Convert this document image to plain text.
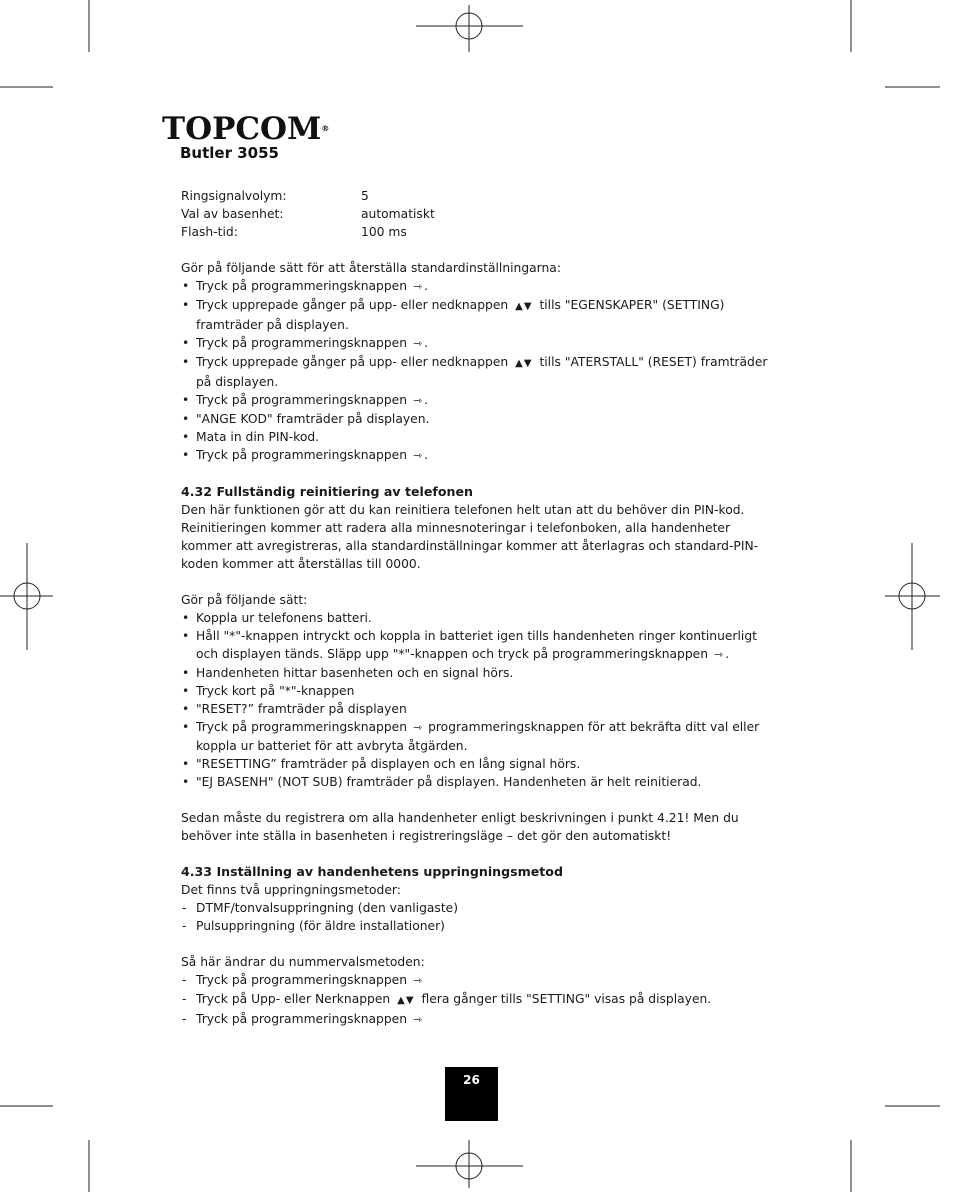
TOPCOM®
Butler 3055
Ringsignalvolym:	5
Val av basenhet:	automatiskt
Flash-tid:	100 ms

Gör på följande sätt för att återställa standardinställningarna:

• Tryck på programmeringsknappen ⇾ .
• Tryck upprepade gånger på upp- eller nedknappen ▲▼ tills "EGENSKAPER" (SETTING) framträder på displayen.
• Tryck på programmeringsknappen ⇾ .
• Tryck upprepade gånger på upp- eller nedknappen ▲▼ tills "ATERSTALL" (RESET) framträder på displayen.
• Tryck på programmeringsknappen ⇾ .
• "ANGE KOD" framträder på displayen.
• Mata in din PIN-kod.
• Tryck på programmeringsknappen ⇾ .
4.32 Fullständig reinitiering av telefonen

Den här funktionen gör att du kan reinitiera telefonen helt utan att du behöver din PIN-kod. Reinitieringen kommer att radera alla minnesnoteringar i telefonboken, alla handenheter kommer att avregistreras, alla standardinställningar kommer att återlagras och standard-PIN-koden kommer att återställas till 0000.

Gör på följande sätt:

• Koppla ur telefonens batteri.
• Håll "*"-knappen intryckt och koppla in batteriet igen tills handenheten ringer kontinuerligt och displayen tänds. Släpp upp "*"-knappen och tryck på programmeringsknappen ⇾ .
• Handenheten hittar basenheten och en signal hörs.
• Tryck kort på "*"-knappen
• "RESET?” framträder på displayen
• Tryck på programmeringsknappen ⇾ programmeringsknappen för att bekräfta ditt val eller koppla ur batteriet för att avbryta åtgärden.
• "RESETTING” framträder på displayen och en lång signal hörs.
• "EJ BASENH" (NOT SUB) framträder på displayen. Handenheten är helt reinitierad.

Sedan måste du registrera om alla handenheter enligt beskrivningen i punkt 4.21! Men du behöver inte ställa in basenheten i registreringsläge – det gör den automatiskt!

4.33 Inställning av handenhetens uppringningsmetod

Det finns två uppringningsmetoder:

- DTMF/tonvalsuppringning (den vanligaste)
- Pulsuppringning (för äldre installationer)

Så här ändrar du nummervalsmetoden:

- Tryck på programmeringsknappen ⇾
- Tryck på Upp- eller Nerknappen ▲▼ flera gånger tills "SETTING" visas på displayen.
- Tryck på programmeringsknappen ⇾
26
